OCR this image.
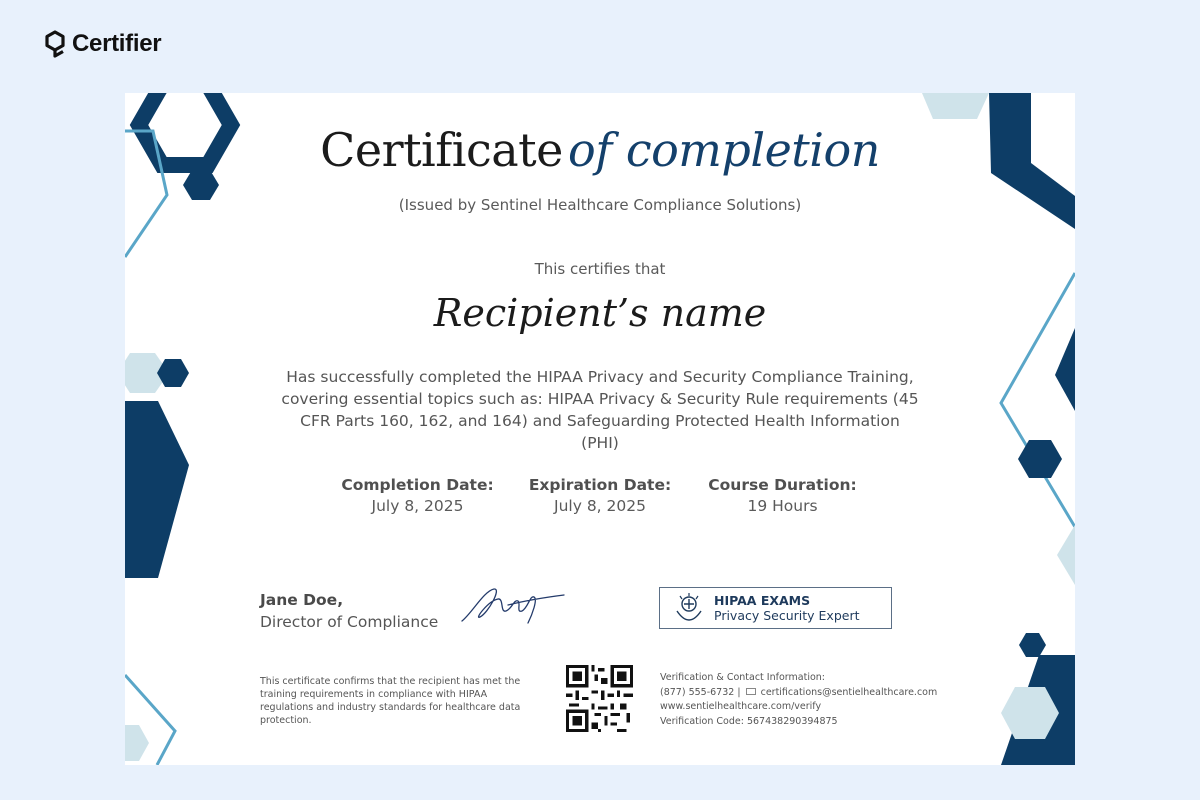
Certifier
Certificate of completion
(Issued by Sentinel Healthcare Compliance Solutions)
This certifies that
Recipient’s name
Has successfully completed the HIPAA Privacy and Security Compliance Training, covering essential topics such as: HIPAA Privacy & Security Rule requirements (45 CFR Parts 160, 162, and 164) and Safeguarding Protected Health Information (PHI)
Completion Date:
July 8, 2025
Expiration Date:
July 8, 2025
Course Duration:
19 Hours
Jane Doe,
Director of Compliance
HIPAA EXAMS
Privacy Security Expert
This certificate confirms that the recipient has met the training requirements in compliance with HIPAA regulations and industry standards for healthcare data protection.
Verification & Contact Information:
(877) 555-6732 | certifications@sentielhealthcare.com
www.sentielhealthcare.com/verify
Verification Code: 567438290394875
